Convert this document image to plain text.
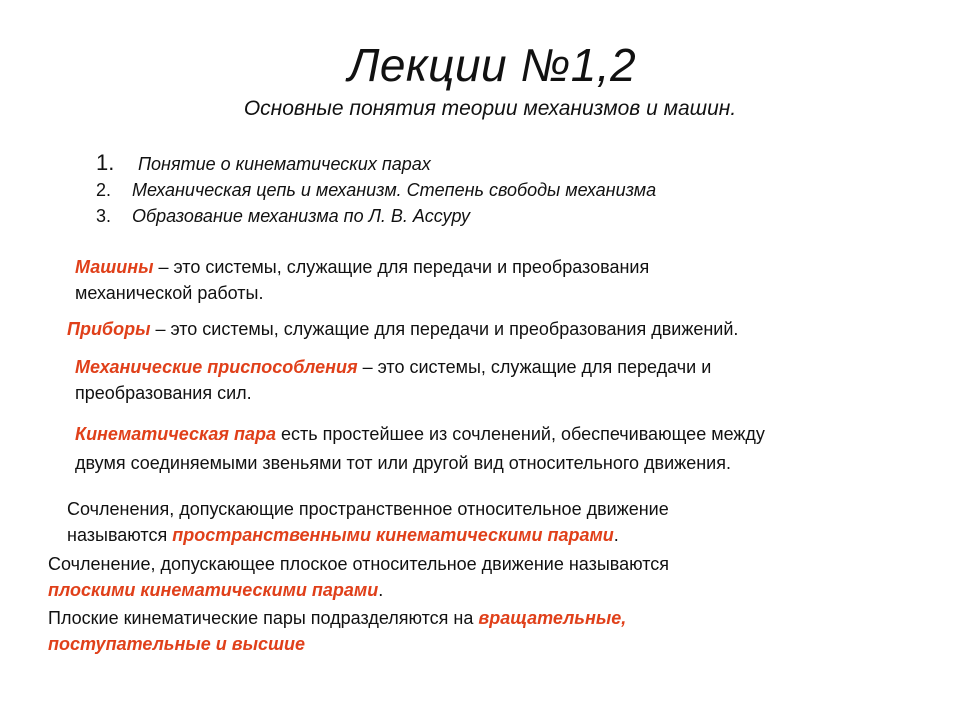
Лекции №1,2
Основные понятия теории механизмов и машин.
1. Понятие о кинематических парах
2. Механическая цепь и механизм. Степень свободы механизма
3. Образование механизма по Л. В. Ассуру
Машины – это системы, служащие для передачи и преобразования
механической работы.
Приборы – это системы, служащие для передачи и преобразования движений.
Механические приспособления – это системы, служащие для передачи и
преобразования сил.
Кинематическая пара есть простейшее из сочленений, обеспечивающее между
двумя соединяемыми звеньями тот или другой вид относительного движения.
Сочленения, допускающие пространственное относительное движение
называются пространственными кинематическими парами.
Сочленение, допускающее плоское относительное движение называются
плоскими кинематическими парами.
Плоские кинематические пары подразделяются на вращательные,
поступательные и высшие
